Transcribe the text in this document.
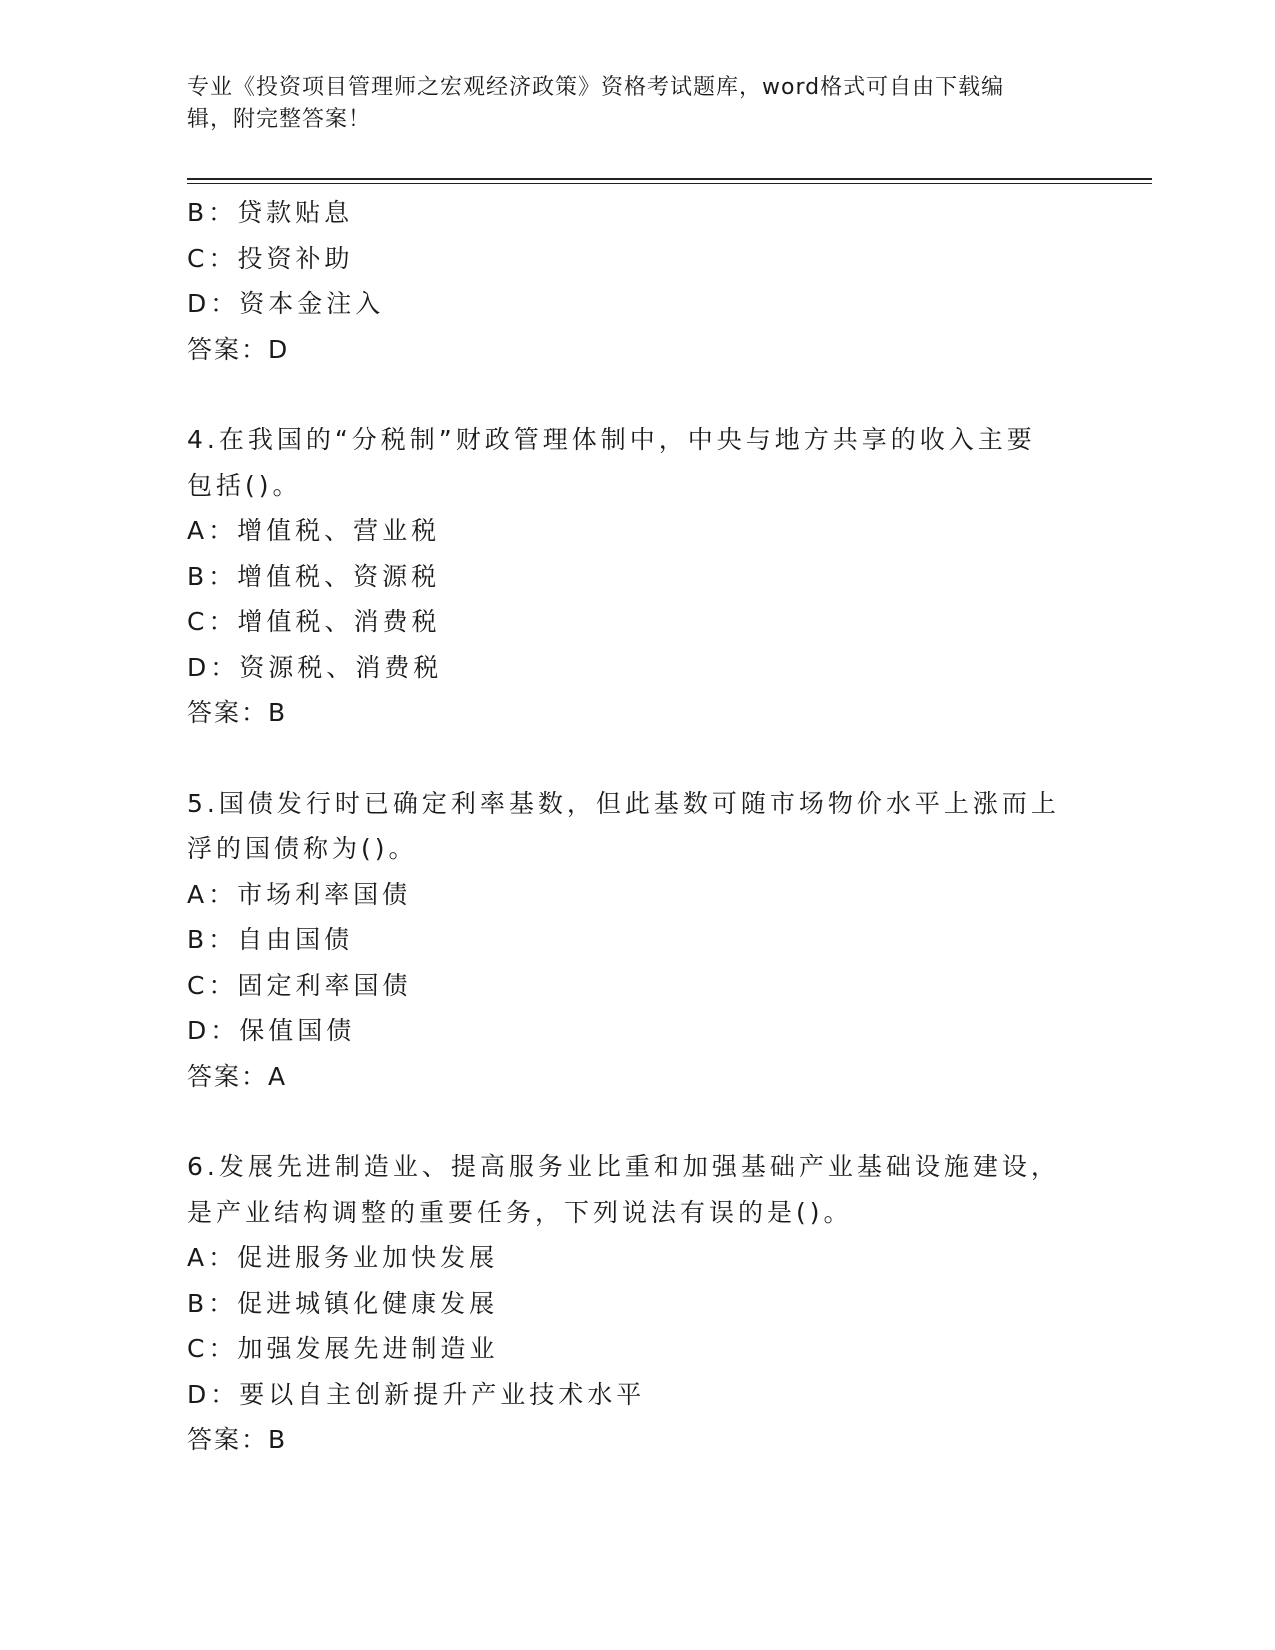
专业《投资项目管理师之宏观经济政策》资格考试题库，word格式可自由下载编
辑，附完整答案！
B：贷款贴息
C：投资补助
D：资本金注入
答案：D
4.在我国的“分税制”财政管理体制中，中央与地方共享的收入主要
包括()。
A：增值税、营业税
B：增值税、资源税
C：增值税、消费税
D：资源税、消费税
答案：B
5.国债发行时已确定利率基数，但此基数可随市场物价水平上涨而上
浮的国债称为()。
A：市场利率国债
B：自由国债
C：固定利率国债
D：保值国债
答案：A
6.发展先进制造业、提高服务业比重和加强基础产业基础设施建设，
是产业结构调整的重要任务，下列说法有误的是()。
A：促进服务业加快发展
B：促进城镇化健康发展
C：加强发展先进制造业
D：要以自主创新提升产业技术水平
答案：B
